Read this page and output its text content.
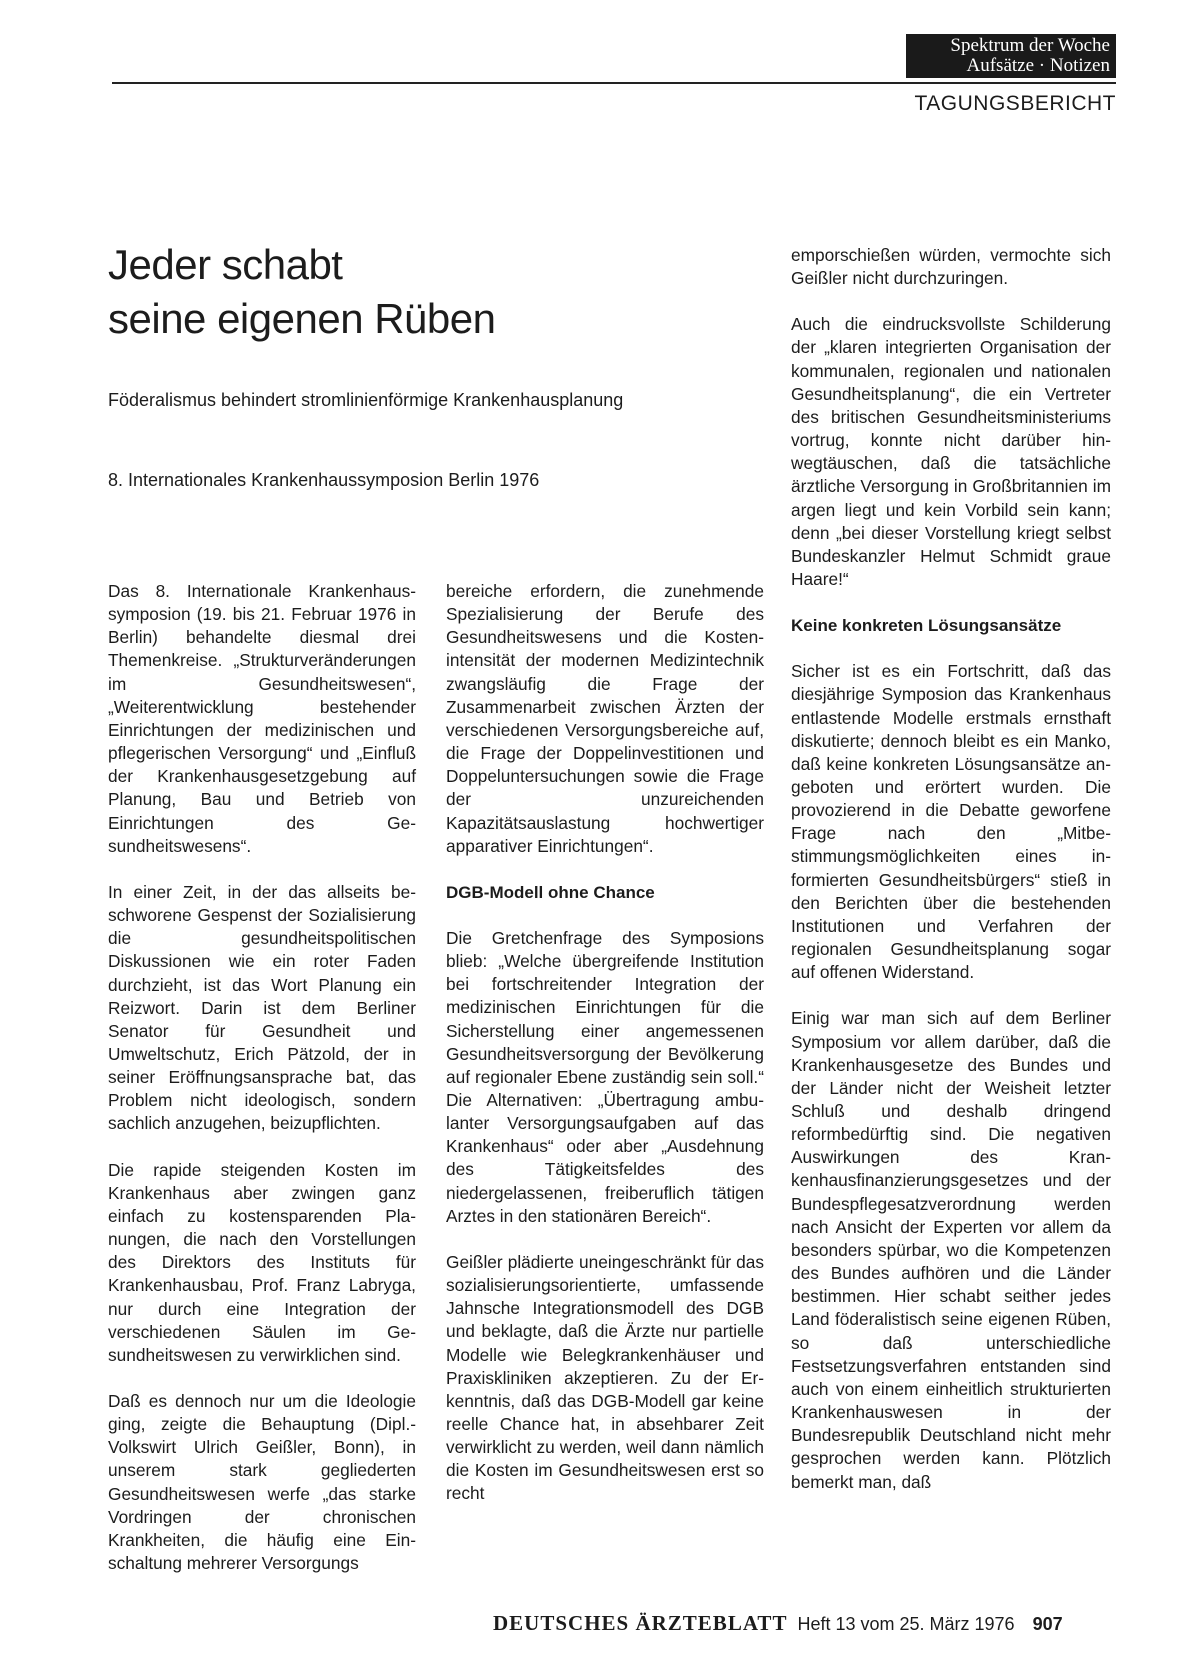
Spektrum der Woche
Aufsätze · Notizen
TAGUNGSBERICHT
Jeder schabt
seine eigenen Rüben
Föderalismus behindert stromlinienförmige Krankenhausplanung
8. Internationales Krankenhaussymposion Berlin 1976

Das 8. Internationale Krankenhaussymposion (19. bis 21. Februar 1976 in Berlin) behandelte diesmal drei Themenkreise. „Strukturveränderungen im Gesundheitswesen“, „Weiterentwicklung bestehender Einrichtungen der medizinischen und pflegerischen Versorgung“ und „Einfluß der Krankenhausgesetzgebung auf Planung, Bau und Betrieb von Einrichtungen des Gesundheitswesens“.

In einer Zeit, in der das allseits beschworene Gespenst der Sozialisierung die gesundheitspolitischen Diskussionen wie ein roter Faden durchzieht, ist das Wort Planung ein Reizwort. Darin ist dem Berliner Senator für Gesundheit und Umweltschutz, Erich Pätzold, der in seiner Eröffnungsansprache bat, das Problem nicht ideologisch, sondern sachlich anzugehen, beizupflichten.

Die rapide steigenden Kosten im Krankenhaus aber zwingen ganz einfach zu kostensparenden Planungen, die nach den Vorstellungen des Direktors des Instituts für Krankenhausbau, Prof. Franz Labryga, nur durch eine Integration der verschiedenen Säulen im Gesundheitswesen zu verwirklichen sind.

Daß es dennoch nur um die Ideologie ging, zeigte die Behauptung (Dipl.-Volkswirt Ulrich Geißler, Bonn), in unserem stark gegliederten Gesundheitswesen werfe „das starke Vordringen der chronischen Krankheiten, die häufig eine Einschaltung mehrerer Versorgungs

bereiche erfordern, die zunehmende Spezialisierung der Berufe des Gesundheitswesens und die Kostenintensität der modernen Medizintechnik zwangsläufig die Frage der Zusammenarbeit zwischen Ärzten der verschiedenen Versorgungsbereiche auf, die Frage der Doppelinvestitionen und Doppeluntersuchungen sowie die Frage der unzureichenden Kapazitätsauslastung hochwertiger apparativer Einrichtungen“.

DGB-Modell ohne Chance

Die Gretchenfrage des Symposions blieb: „Welche übergreifende Institution bei fortschreitender Integration der medizinischen Einrichtungen für die Sicherstellung einer angemessenen Gesundheitsversorgung der Bevölkerung auf regionaler Ebene zuständig sein soll.“ Die Alternativen: „Übertragung ambulanter Versorgungsaufgaben auf das Krankenhaus“ oder aber „Ausdehnung des Tätigkeitsfeldes des niedergelassenen, freiberuflich tätigen Arztes in den stationären Bereich“.

Geißler plädierte uneingeschränkt für das sozialisierungsorientierte, umfassende Jahnsche Integrationsmodell des DGB und beklagte, daß die Ärzte nur partielle Modelle wie Belegkrankenhäuser und Praxiskliniken akzeptieren. Zu der Erkenntnis, daß das DGB-Modell gar keine reelle Chance hat, in absehbarer Zeit verwirklicht zu werden, weil dann nämlich die Kosten im Gesundheitswesen erst so recht

emporschießen würden, vermochte sich Geißler nicht durchzuringen.

Auch die eindrucksvollste Schilderung der „klaren integrierten Organisation der kommunalen, regionalen und nationalen Gesundheitsplanung“, die ein Vertreter des britischen Gesundheitsministeriums vortrug, konnte nicht darüber hinwegtäuschen, daß die tatsächliche ärztliche Versorgung in Großbritannien im argen liegt und kein Vorbild sein kann; denn „bei dieser Vorstellung kriegt selbst Bundeskanzler Helmut Schmidt graue Haare!“

Keine konkreten Lösungsansätze

Sicher ist es ein Fortschritt, daß das diesjährige Symposion das Krankenhaus entlastende Modelle erstmals ernsthaft diskutierte; dennoch bleibt es ein Manko, daß keine konkreten Lösungsansätze angeboten und erörtert wurden. Die provozierend in die Debatte geworfene Frage nach den „Mitbestimmungsmöglichkeiten eines informierten Gesundheitsbürgers“ stieß in den Berichten über die bestehenden Institutionen und Verfahren der regionalen Gesundheitsplanung sogar auf offenen Widerstand.

Einig war man sich auf dem Berliner Symposium vor allem darüber, daß die Krankenhausgesetze des Bundes und der Länder nicht der Weisheit letzter Schluß und deshalb dringend reformbedürftig sind. Die negativen Auswirkungen des Krankenhausfinanzierungsgesetzes und der Bundespflegesatzverordnung werden nach Ansicht der Experten vor allem da besonders spürbar, wo die Kompetenzen des Bundes aufhören und die Länder bestimmen. Hier schabt seither jedes Land föderalistisch seine eigenen Rüben, so daß unterschiedliche Festsetzungsverfahren entstanden sind auch von einem einheitlich strukturierten Krankenhauswesen in der Bundesrepublik Deutschland nicht mehr gesprochen werden kann. Plötzlich bemerkt man, daß

DEUTSCHES ÄRZTEBLATT Heft 13 vom 25. März 1976 907
